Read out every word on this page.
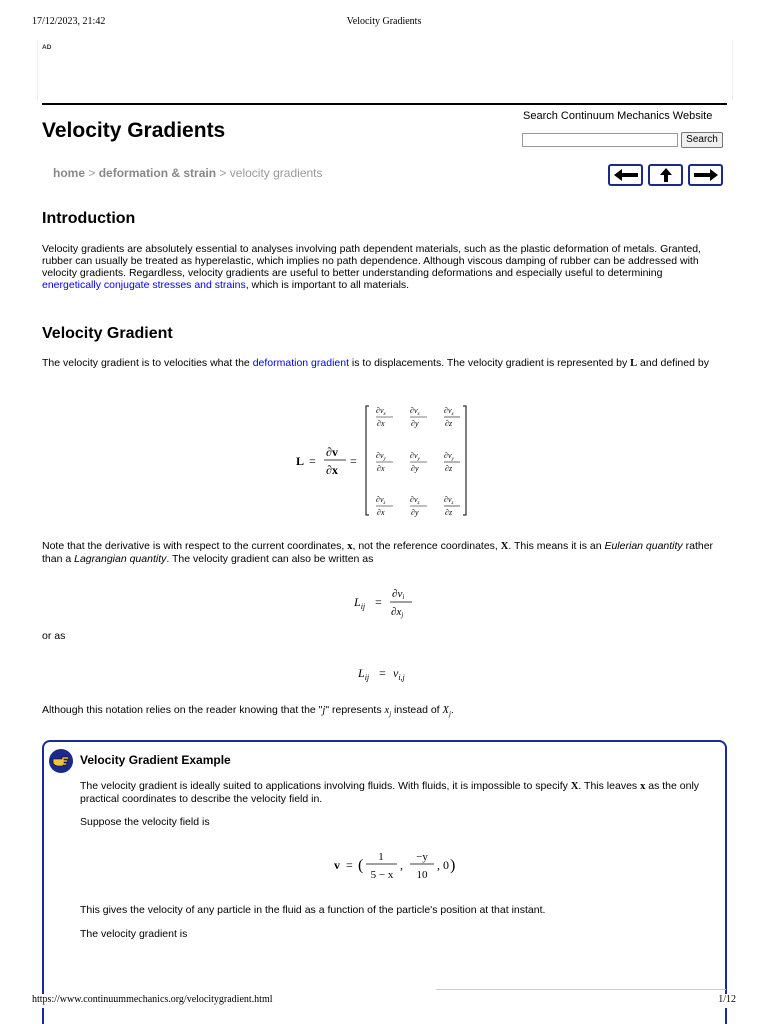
17/12/2023, 21:42	Velocity Gradients
AD
Search Continuum Mechanics Website
Search
Velocity Gradients
home > deformation & strain > velocity gradients
Introduction
Velocity gradients are absolutely essential to analyses involving path dependent materials, such as the plastic deformation of metals. Granted, rubber can usually be treated as hyperelastic, which implies no path dependence. Although viscous damping of rubber can be addressed with velocity gradients. Regardless, velocity gradients are useful to better understanding deformations and especially useful to determining energetically conjugate stresses and strains, which is important to all materials.
Velocity Gradient
The velocity gradient is to velocities what the deformation gradient is to displacements. The velocity gradient is represented by L and defined by
L =
∂v
∂x
=
$\partial v_x$
∂x
$\partial v_x$
∂y
$\partial v_x$
∂z
$\partial v_y$
∂x
$\partial v_y$
∂y
$\partial v_y$
∂z
$\partial v_z$
∂x
$\partial v_z$
∂y
$\partial v_z$
∂z
Note that the derivative is with respect to the current coordinates, x, not the reference coordinates, X. This means it is an Eulerian quantity rather than a Lagrangian quantity. The velocity gradient can also be written as
$L_{ij}$ =
∂vi
∂xj
or as
$L_{ij} = v_{i,j}$
Although this notation relies on the reader knowing that the "j" represents $x_j$ instead of $X_j$.
Velocity Gradient Example
The velocity gradient is ideally suited to applications involving fluids. With fluids, it is impossible to specify X. This leaves x as the only practical coordinates to describe the velocity field in.
Suppose the velocity field is
v = ( 1
5 − x
,
−y
10
, 0 )
This gives the velocity of any particle in the fluid as a function of the particle's position at that instant.
The velocity gradient is
https://www.continuummechanics.org/velocitygradient.html	1/12
